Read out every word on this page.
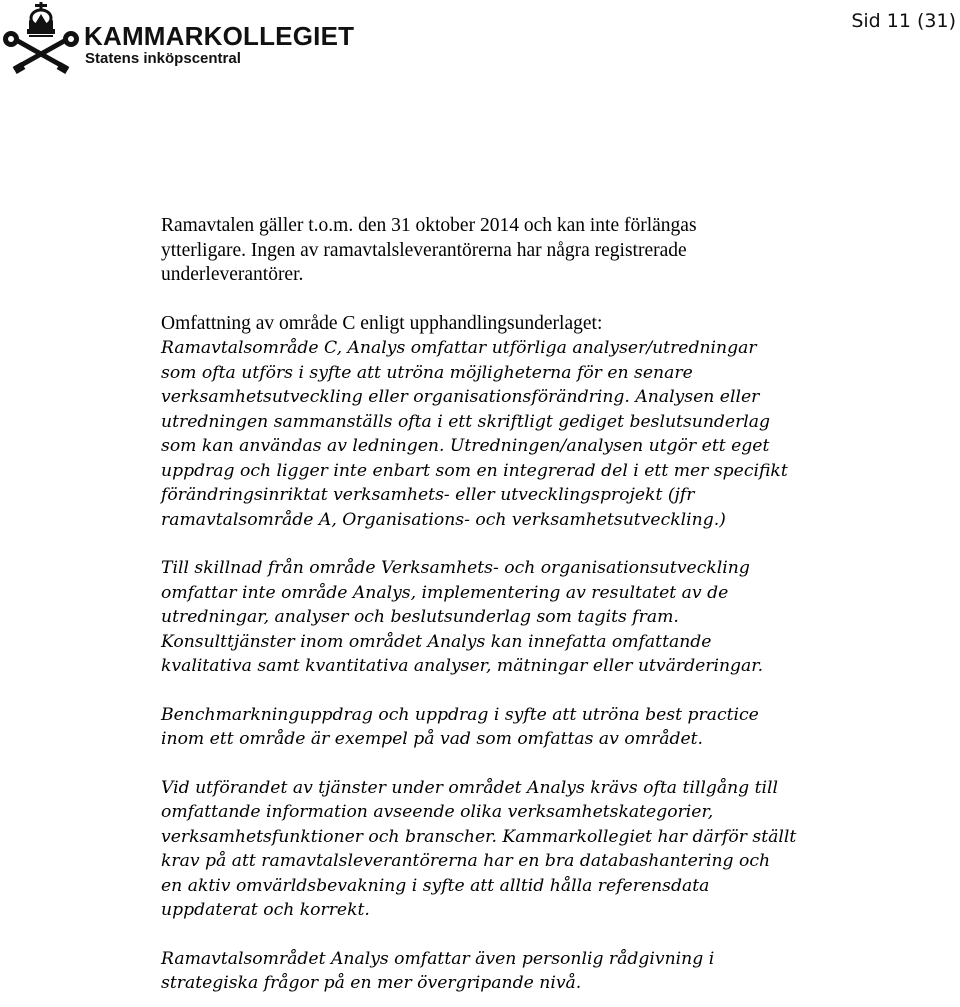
KAMMARKOLLEGIET
Statens inköpscentral
Sid 11 (31)
Ramavtalen gäller t.o.m. den 31 oktober 2014 och kan inte förlängas
ytterligare. Ingen av ramavtalsleverantörerna har några registrerade
underleverantörer.
Omfattning av område C enligt upphandlingsunderlaget:
Ramavtalsområde C, Analys omfattar utförliga analyser/utredningar
som ofta utförs i syfte att utröna möjligheterna för en senare
verksamhetsutveckling eller organisationsförändring. Analysen eller
utredningen sammanställs ofta i ett skriftligt gediget beslutsunderlag
som kan användas av ledningen. Utredningen/analysen utgör ett eget
uppdrag och ligger inte enbart som en integrerad del i ett mer specifikt
förändringsinriktat verksamhets- eller utvecklingsprojekt (jfr
ramavtalsområde A, Organisations- och verksamhetsutveckling.)
Till skillnad från område Verksamhets- och organisationsutveckling
omfattar inte område Analys, implementering av resultatet av de
utredningar, analyser och beslutsunderlag som tagits fram.
Konsulttjänster inom området Analys kan innefatta omfattande
kvalitativa samt kvantitativa analyser, mätningar eller utvärderingar.
Benchmarkninguppdrag och uppdrag i syfte att utröna best practice
inom ett område är exempel på vad som omfattas av området.
Vid utförandet av tjänster under området Analys krävs ofta tillgång till
omfattande information avseende olika verksamhetskategorier,
verksamhetsfunktioner och branscher. Kammarkollegiet har därför ställt
krav på att ramavtalsleverantörerna har en bra databashantering och
en aktiv omvärldsbevakning i syfte att alltid hålla referensdata
uppdaterat och korrekt.
Ramavtalsområdet Analys omfattar även personlig rådgivning i
strategiska frågor på en mer övergripande nivå.
